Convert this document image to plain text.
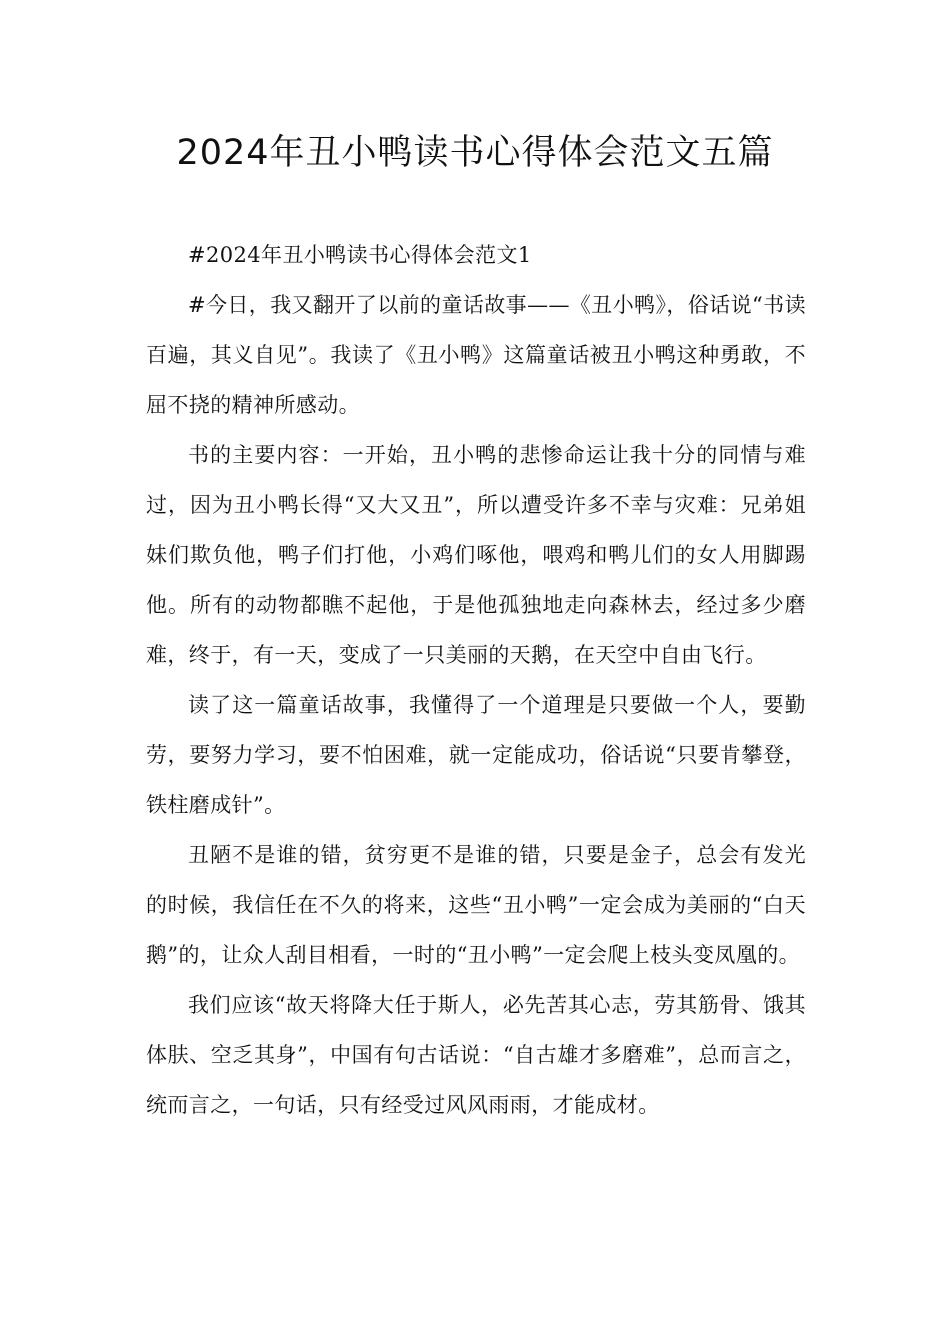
2024年丑小鸭读书心得体会范文五篇

#2024年丑小鸭读书心得体会范文1

#今日，我又翻开了以前的童话故事——《丑小鸭》，俗话说“书读百遍，其义自见”。我读了《丑小鸭》这篇童话被丑小鸭这种勇敢，不屈不挠的精神所感动。

书的主要内容：一开始，丑小鸭的悲惨命运让我十分的同情与难过，因为丑小鸭长得“又大又丑”，所以遭受许多不幸与灾难：兄弟姐妹们欺负他，鸭子们打他，小鸡们啄他，喂鸡和鸭儿们的女人用脚踢他。所有的动物都瞧不起他，于是他孤独地走向森林去，经过多少磨难，终于，有一天，变成了一只美丽的天鹅，在天空中自由飞行。

读了这一篇童话故事，我懂得了一个道理是只要做一个人，要勤劳，要努力学习，要不怕困难，就一定能成功，俗话说“只要肯攀登，铁柱磨成针”。

丑陋不是谁的错，贫穷更不是谁的错，只要是金子，总会有发光的时候，我信任在不久的将来，这些“丑小鸭”一定会成为美丽的“白天鹅”的，让众人刮目相看，一时的“丑小鸭”一定会爬上枝头变凤凰的。

我们应该“故天将降大任于斯人，必先苦其心志，劳其筋骨、饿其体肤、空乏其身”，中国有句古话说：“自古雄才多磨难”，总而言之，统而言之，一句话，只有经受过风风雨雨，才能成材。
